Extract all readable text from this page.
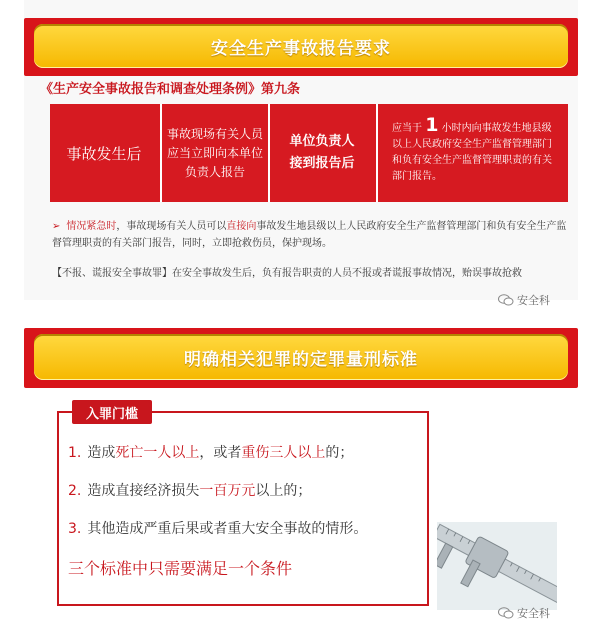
安全生产事故报告要求
《生产安全事故报告和调查处理条例》第九条
事故发生后
事故现场有关人员
应当立即向本单位
负责人报告
单位负责人
接到报告后
应当于 1 小时内向事故发生地县级以上人民政府安全生产监督管理部门和负有安全生产监督管理职责的有关部门报告。
➢ 情况紧急时，事故现场有关人员可以直接向事故发生地县级以上人民政府安全生产监督管理部门和负有安全生产监督管理职责的有关部门报告，同时，立即抢救伤员，保护现场。
【不报、谎报安全事故罪】在安全事故发生后，负有报告职责的人员不报或者谎报事故情况，贻误事故抢救
安全科
明确相关犯罪的定罪量刑标准
入罪门槛
1. 造成死亡一人以上，或者重伤三人以上的；
2. 造成直接经济损失一百万元以上的；
3. 其他造成严重后果或者重大安全事故的情形。
三个标准中只需要满足一个条件
安全科
